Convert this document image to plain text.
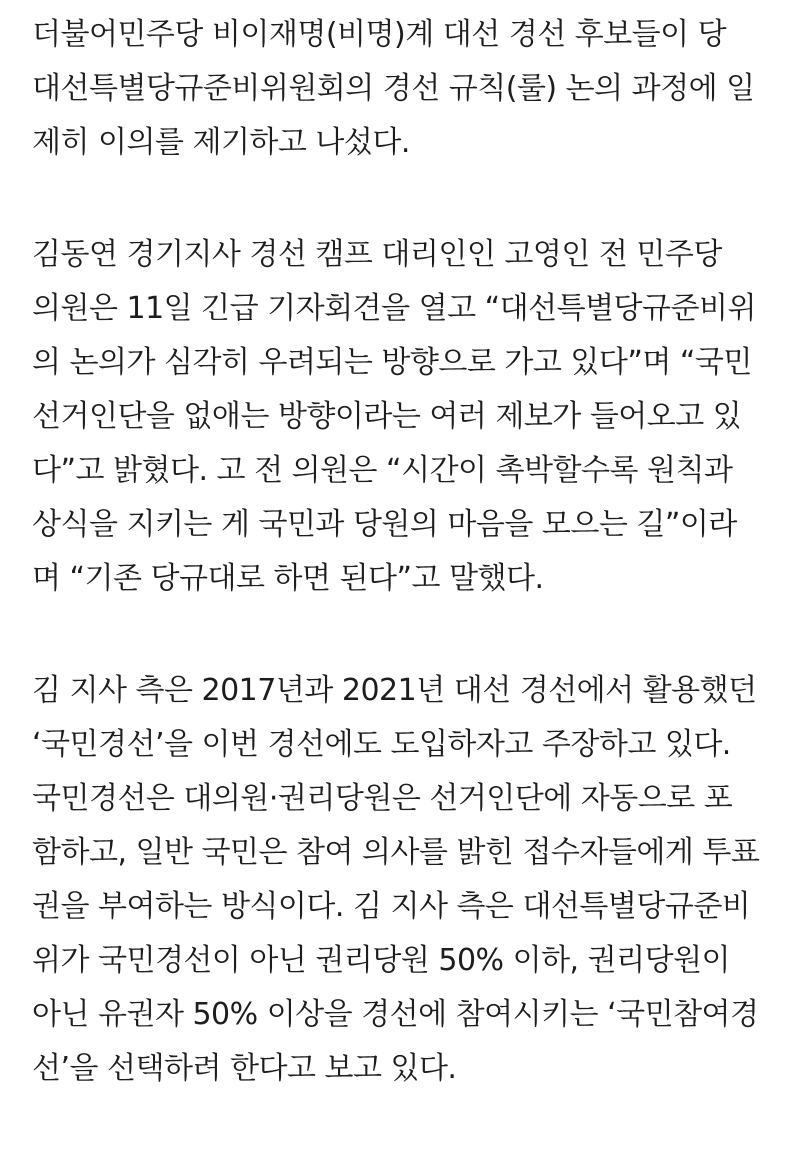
더불어민주당 비이재명(비명)계 대선 경선 후보들이 당
대선특별당규준비위원회의 경선 규칙(룰) 논의 과정에 일
제히 이의를 제기하고 나섰다.

김동연 경기지사 경선 캠프 대리인인 고영인 전 민주당
의원은 11일 긴급 기자회견을 열고 “대선특별당규준비위
의 논의가 심각히 우려되는 방향으로 가고 있다”며 “국민
선거인단을 없애는 방향이라는 여러 제보가 들어오고 있
다”고 밝혔다. 고 전 의원은 “시간이 촉박할수록 원칙과
상식을 지키는 게 국민과 당원의 마음을 모으는 길”이라
며 “기존 당규대로 하면 된다”고 말했다.

김 지사 측은 2017년과 2021년 대선 경선에서 활용했던
‘국민경선’을 이번 경선에도 도입하자고 주장하고 있다.
국민경선은 대의원·권리당원은 선거인단에 자동으로 포
함하고, 일반 국민은 참여 의사를 밝힌 접수자들에게 투표
권을 부여하는 방식이다. 김 지사 측은 대선특별당규준비
위가 국민경선이 아닌 권리당원 50% 이하, 권리당원이
아닌 유권자 50% 이상을 경선에 참여시키는 ‘국민참여경
선’을 선택하려 한다고 보고 있다.
